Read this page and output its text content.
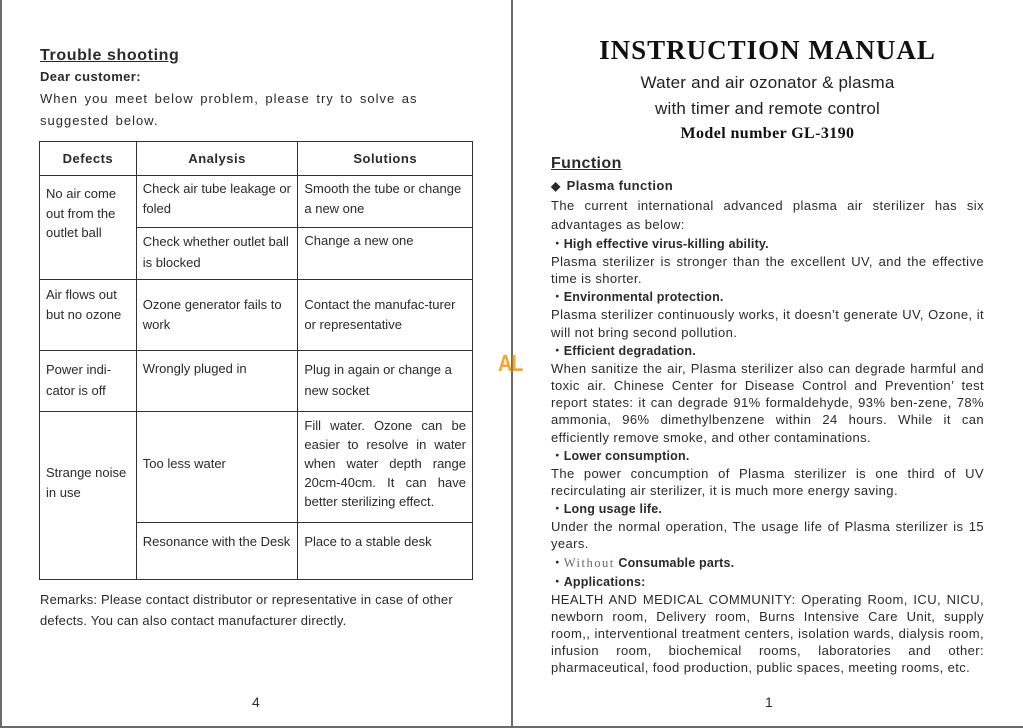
Trouble shooting
Dear customer:
When you meet below problem, please try to solve as suggested below.
Defects	Analysis	Solutions

No air come out from the outlet ball	Check air tube leakage or foled	Smooth the tube or change a new one

	Check whether outlet ball is blocked	Change a new one

Air flows out but no ozone	Ozone generator fails to work	Contact the manufac-turer or representative

Power indi-cator is off	Wrongly pluged in	Plug in again or change a new socket

Strange noise in use	Too less water	Fill water. Ozone can be easier to resolve in water when water depth range 20cm-40cm. It can have better sterilizing effect.

	Resonance with the Desk	Place to a stable desk
Remarks: Please contact distributor or representative in case of other defects. You can also contact manufacturer directly.
4
AL
INSTRUCTION MANUAL
Water and air ozonator & plasma
with timer and remote control
Model number GL-3190
Function
◆ Plasma function
The current international advanced plasma air sterilizer has six advantages as below:
・High effective virus-killing ability.
Plasma sterilizer is stronger than the excellent UV, and the effective time is shorter.
・Environmental protection.
Plasma sterilizer continuously works, it doesn’t generate UV, Ozone, it will not bring second pollution.
・Efficient degradation.
When sanitize the air, Plasma sterilizer also can degrade harmful and toxic air. Chinese Center for Disease Control and Prevention’ test report states: it can degrade 91% formaldehyde, 93% ben-zene, 78% ammonia, 96% dimethylbenzene within 24 hours. While it can efficiently remove smoke, and other contaminations.
・Lower consumption.
The power concumption of Plasma sterilizer is one third of UV recirculating air sterilizer, it is much more energy saving.
・Long usage life.
Under the normal operation, The usage life of Plasma sterilizer is 15 years.
・Without Consumable parts.
・Applications:
HEALTH AND MEDICAL COMMUNITY: Operating Room, ICU, NICU, newborn room, Delivery room, Burns Intensive Care Unit, supply room,, interventional treatment centers, isolation wards, dialysis room, infusion room, biochemical rooms, laboratories and other: pharmaceutical, food production, public spaces, meeting rooms, etc.
1
